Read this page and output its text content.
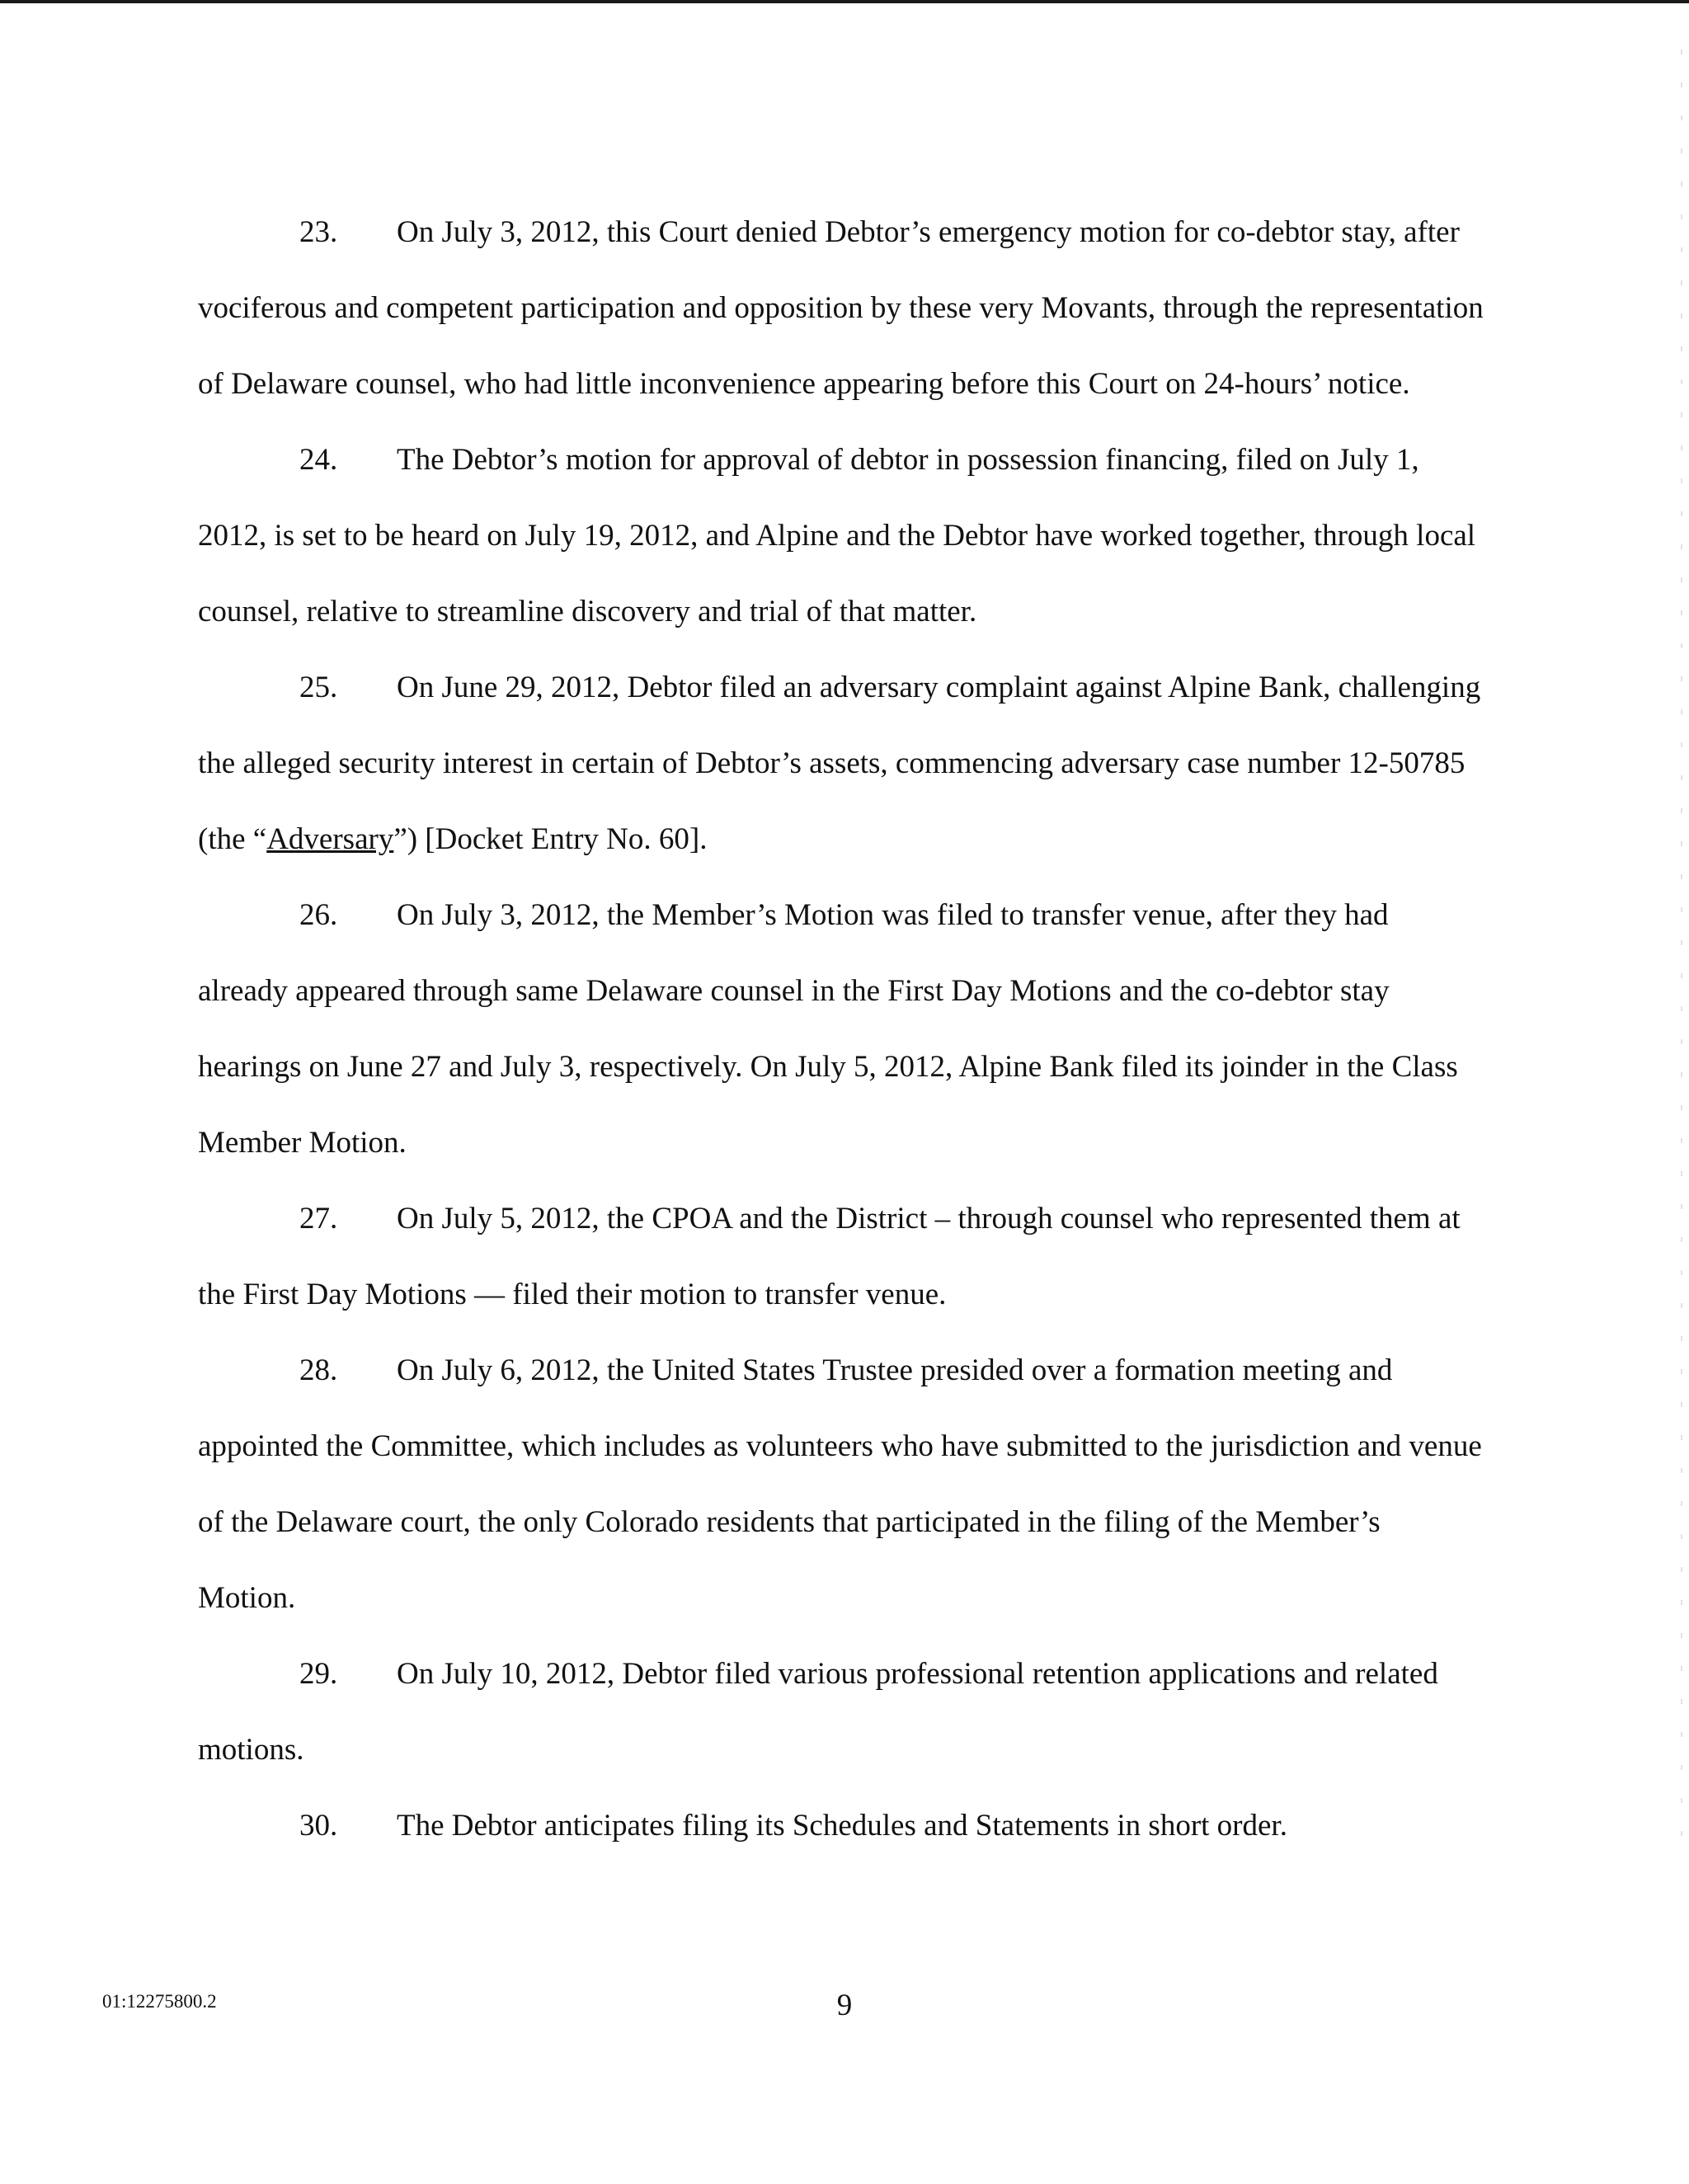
23. On July 3, 2012, this Court denied Debtor’s emergency motion for co-debtor stay, after vociferous and competent participation and opposition by these very Movants, through the representation of Delaware counsel, who had little inconvenience appearing before this Court on 24-hours’ notice.

24. The Debtor’s motion for approval of debtor in possession financing, filed on July 1, 2012, is set to be heard on July 19, 2012, and Alpine and the Debtor have worked together, through local counsel, relative to streamline discovery and trial of that matter.

25. On June 29, 2012, Debtor filed an adversary complaint against Alpine Bank, challenging the alleged security interest in certain of Debtor’s assets, commencing adversary case number 12-50785 (the “Adversary”) [Docket Entry No. 60].

26. On July 3, 2012, the Member’s Motion was filed to transfer venue, after they had already appeared through same Delaware counsel in the First Day Motions and the co-debtor stay hearings on June 27 and July 3, respectively. On July 5, 2012, Alpine Bank filed its joinder in the Class Member Motion.

27. On July 5, 2012, the CPOA and the District – through counsel who represented them at the First Day Motions — filed their motion to transfer venue.

28. On July 6, 2012, the United States Trustee presided over a formation meeting and appointed the Committee, which includes as volunteers who have submitted to the jurisdiction and venue of the Delaware court, the only Colorado residents that participated in the filing of the Member’s Motion.

29. On July 10, 2012, Debtor filed various professional retention applications and related motions.

30. The Debtor anticipates filing its Schedules and Statements in short order.

01:12275800.2	9
